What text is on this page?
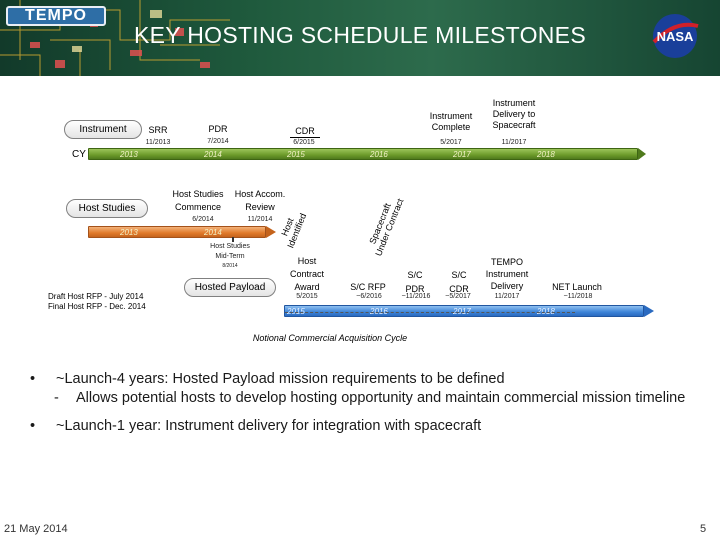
TEMPO
KEY HOSTING SCHEDULE MILESTONES	NASA
Instrument
CY	2013	2014	2015	2016	2017	2018
SRR
11/2013
PDR
7/2014
CDR
6/2015
Instrument
Complete
5/2017
Instrument
Delivery to
Spacecraft
11/2017
Host Studies
2013	2014
Host Studies
Commence
6/2014
Host Accom.
Review
11/2014
Host Studies
Mid-Term
8/2014
Host
Identified	Spacecraft
Under Contract
Hosted Payload
Draft Host RFP - July 2014
Final Host RFP - Dec. 2014
2015	2016	2017	2018
Host
Contract
Award
5/2015
S/C RFP
~6/2016
S/C
PDR
~11/2016
S/C
CDR
~5/2017
TEMPO
Instrument
Delivery
11/2017
NET Launch
~11/2018
Notional Commercial Acquisition Cycle
• ~Launch-4 years: Hosted Payload mission requirements to be defined
- Allows potential hosts to develop hosting opportunity and maintain commercial mission timeline
• ~Launch-1 year: Instrument delivery for integration with spacecraft
21 May 2014	5
